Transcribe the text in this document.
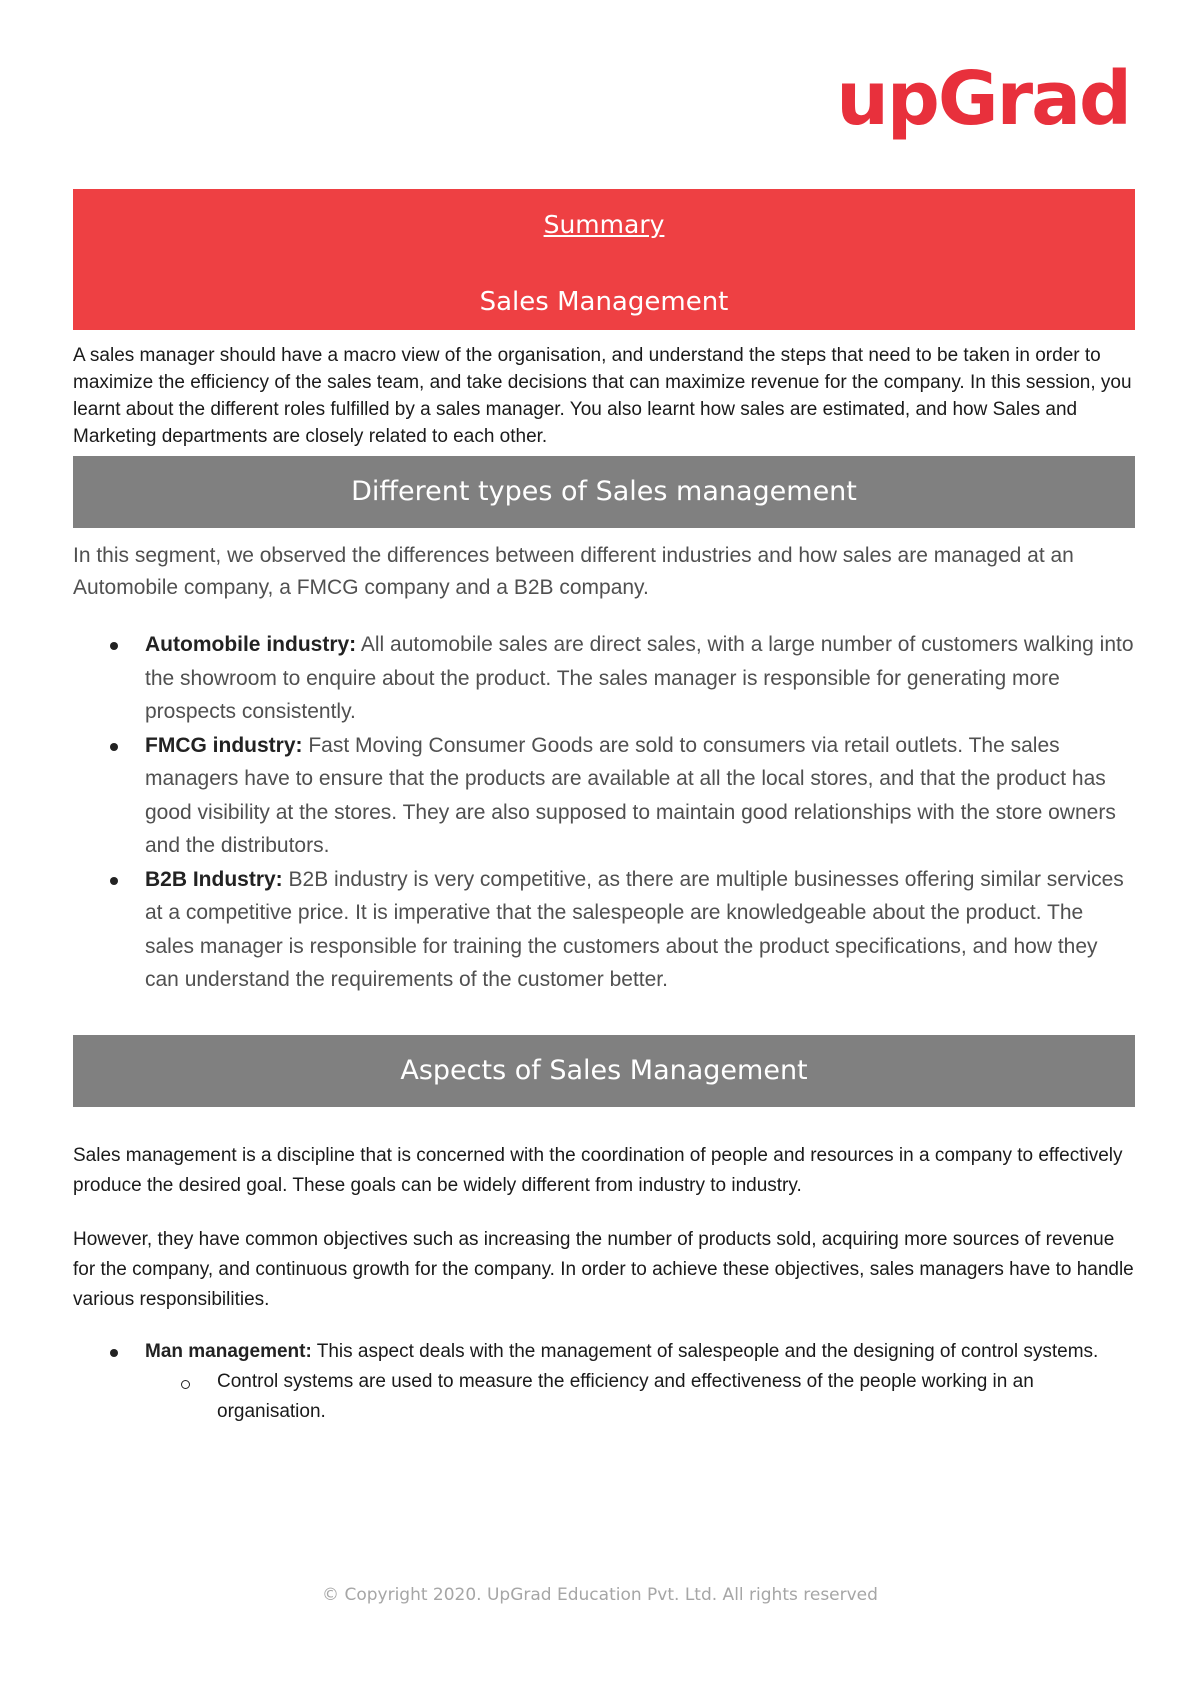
upGrad
Summary
Sales Management

A sales manager should have a macro view of the organisation, and understand the steps that need to be taken in order to maximize the efficiency of the sales team, and take decisions that can maximize revenue for the company. In this session, you learnt about the different roles fulfilled by a sales manager. You also learnt how sales are estimated, and how Sales and Marketing departments are closely related to each other.

Different types of Sales management

In this segment, we observed the differences between different industries and how sales are managed at an Automobile company, a FMCG company and a B2B company.

Automobile industry: All automobile sales are direct sales, with a large number of customers walking into the showroom to enquire about the product. The sales manager is responsible for generating more prospects consistently.
FMCG industry: Fast Moving Consumer Goods are sold to consumers via retail outlets. The sales managers have to ensure that the products are available at all the local stores, and that the product has good visibility at the stores. They are also supposed to maintain good relationships with the store owners and the distributors.
B2B Industry: B2B industry is very competitive, as there are multiple businesses offering similar services at a competitive price. It is imperative that the salespeople are knowledgeable about the product. The sales manager is responsible for training the customers about the product specifications, and how they can understand the requirements of the customer better.
Aspects of Sales Management

Sales management is a discipline that is concerned with the coordination of people and resources in a company to effectively produce the desired goal. These goals can be widely different from industry to industry.

However, they have common objectives such as increasing the number of products sold, acquiring more sources of revenue for the company, and continuous growth for the company. In order to achieve these objectives, sales managers have to handle various responsibilities.

Man management: This aspect deals with the management of salespeople and the designing of control systems.
Control systems are used to measure the efficiency and effectiveness of the people working in an organisation.
© Copyright 2020. UpGrad Education Pvt. Ltd. All rights reserved
